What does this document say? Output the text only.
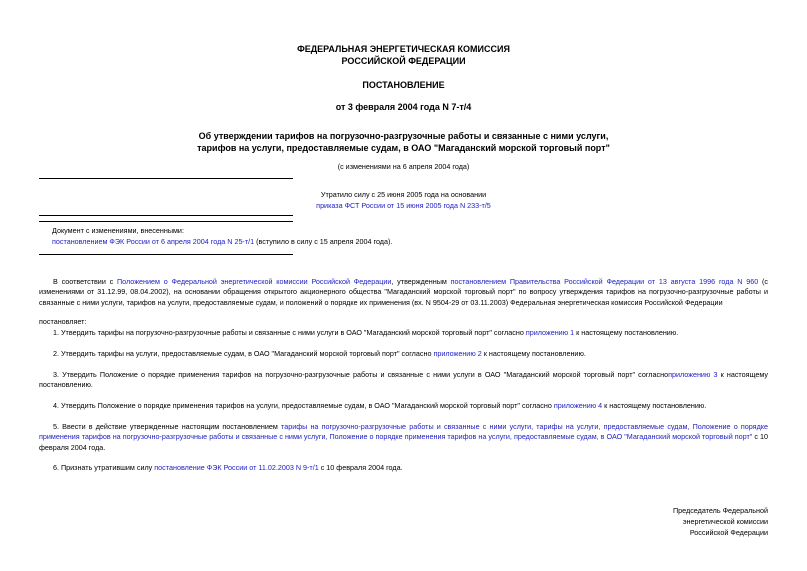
ФЕДЕРАЛЬНАЯ ЭНЕРГЕТИЧЕСКАЯ КОМИССИЯ
РОССИЙСКОЙ ФЕДЕРАЦИИ
ПОСТАНОВЛЕНИЕ
от 3 февраля 2004 года N 7-т/4
Об утверждении тарифов на погрузочно-разгрузочные работы и связанные с ними услуги,
тарифов на услуги, предоставляемые судам, в ОАО "Магаданский морской торговый порт"
(с изменениями на 6 апреля 2004 года)
Утратило силу с 25 июня 2005 года на основании
приказа ФСТ России от 15 июня 2005 года N 233-т/5
Документ с изменениями, внесенными:
постановлением ФЭК России от 6 апреля 2004 года N 25-т/1 (вступило в силу с 15 апреля 2004 года).
В соответствии с Положением о Федеральной энергетической комиссии Российской Федерации, утвержденным постановлением Правительства Российской Федерации от 13 августа 1996 года N 960 (с изменениями от 31.12.99, 08.04.2002), на основании обращения открытого акционерного общества "Магаданский морской торговый порт" по вопросу утверждения тарифов на погрузочно-разгрузочные работы и связанные с ними услуги, тарифов на услуги, предоставляемые судам, и положений о порядке их применения (вх. N 9504-29 от 03.11.2003) Федеральная энергетическая комиссия Российской Федерации
постановляет:
1. Утвердить тарифы на погрузочно-разгрузочные работы и связанные с ними услуги в ОАО "Магаданский морской торговый порт" согласно приложению 1 к настоящему постановлению.
2. Утвердить тарифы на услуги, предоставляемые судам, в ОАО "Магаданский морской торговый порт" согласно приложению 2 к настоящему постановлению.
3. Утвердить Положение о порядке применения тарифов на погрузочно-разгрузочные работы и связанные с ними услуги в ОАО "Магаданский морской торговый порт" согласноприложению 3 к настоящему постановлению.
4. Утвердить Положение о порядке применения тарифов на услуги, предоставляемые судам, в ОАО "Магаданский морской торговый порт" согласно приложению 4 к настоящему постановлению.
5. Ввести в действие утвержденные настоящим постановлением тарифы на погрузочно-разгрузочные работы и связанные с ними услуги, тарифы на услуги, предоставляемые судам, Положение о порядке применения тарифов на погрузочно-разгрузочные работы и связанные с ними услуги, Положение о порядке применения тарифов на услуги, предоставляемые судам, в ОАО "Магаданский морской торговый порт" с 10 февраля 2004 года.
6. Признать утратившим силу постановление ФЭК России от 11.02.2003 N 9-т/1 с 10 февраля 2004 года.
Председатель Федеральной
энергетической комиссии
Российской Федерации
